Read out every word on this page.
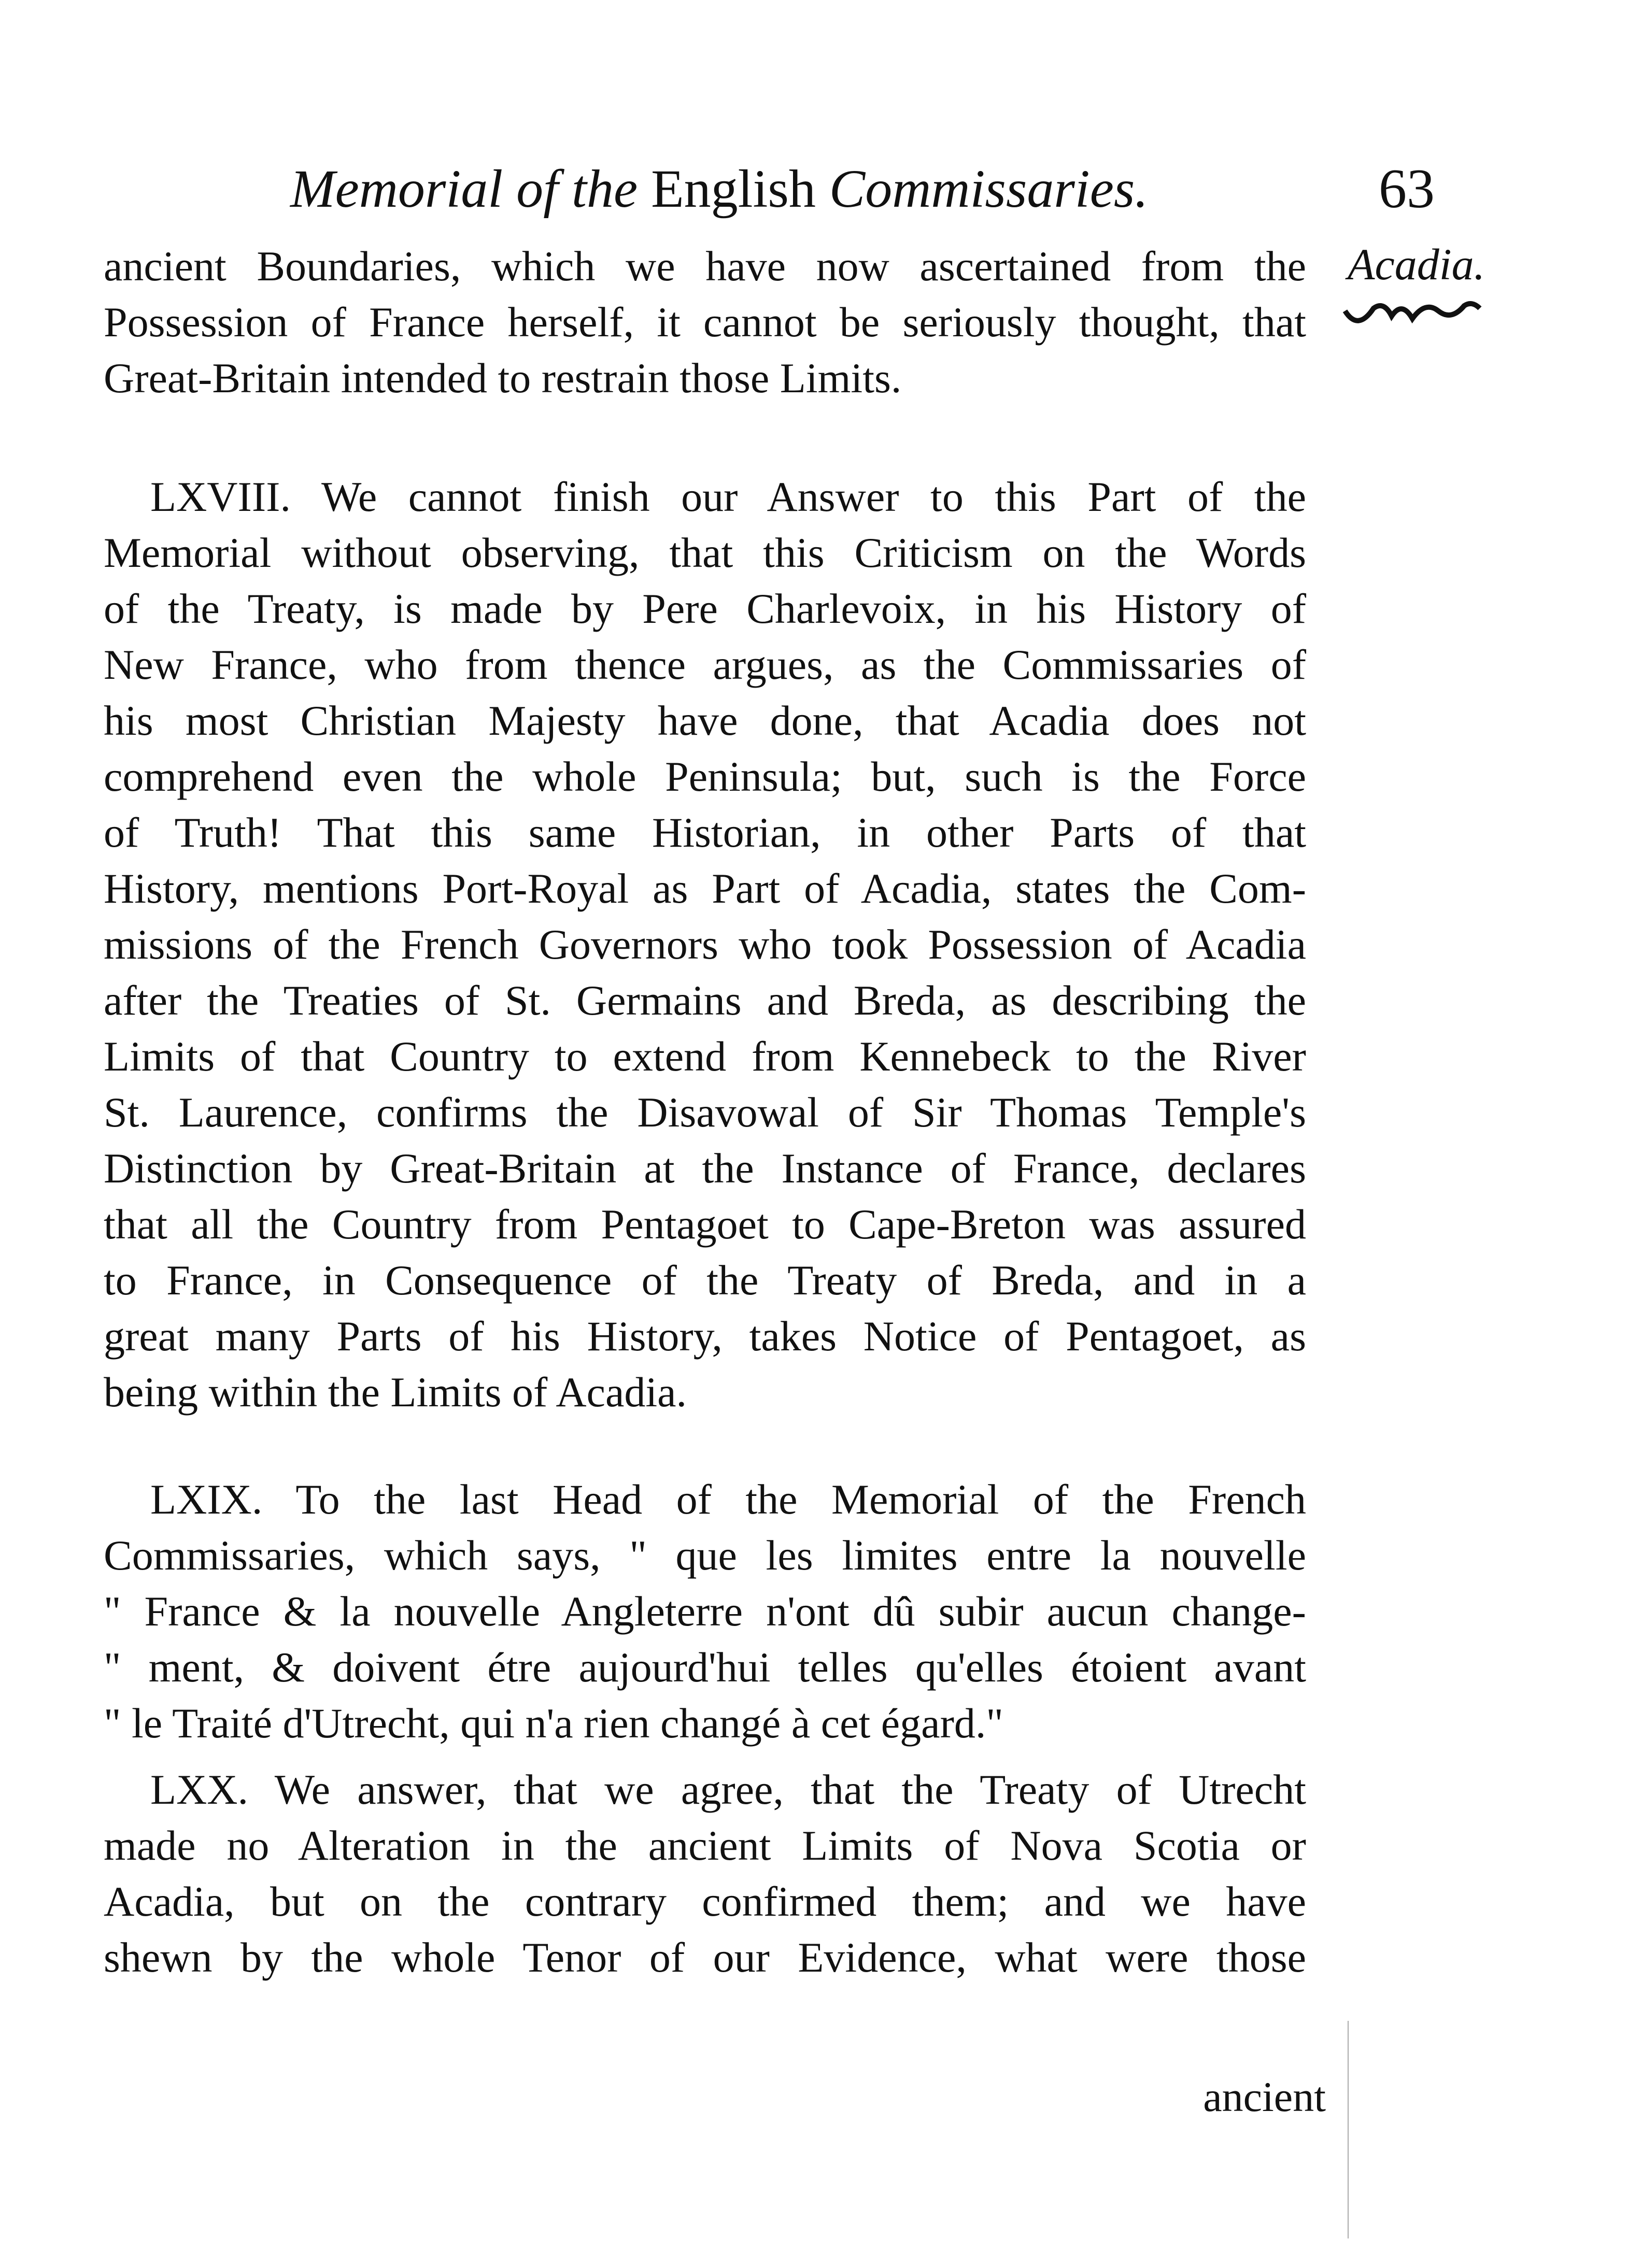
Memorial of the English Commissaries.	63
Acadia.
ancient Boundaries, which we have now ascertained from the
Possession of France herself, it cannot be seriously thought, that
Great-Britain intended to restrain those Limits.
LXVIII. We cannot finish our Answer to this Part of the
Memorial without observing, that this Criticism on the Words
of the Treaty, is made by Pere Charlevoix, in his History of
New France, who from thence argues, as the Commissaries of
his most Christian Majesty have done, that Acadia does not
comprehend even the whole Peninsula; but, such is the Force
of Truth! That this same Historian, in other Parts of that
History, mentions Port-Royal as Part of Acadia, states the Com-
missions of the French Governors who took Possession of Acadia
after the Treaties of St. Germains and Breda, as describing the
Limits of that Country to extend from Kennebeck to the River
St. Laurence, confirms the Disavowal of Sir Thomas Temple's
Distinction by Great-Britain at the Instance of France, declares
that all the Country from Pentagoet to Cape-Breton was assured
to France, in Consequence of the Treaty of Breda, and in a
great many Parts of his History, takes Notice of Pentagoet, as
being within the Limits of Acadia.
LXIX. To the last Head of the Memorial of the French
Commissaries, which says, " que les limites entre la nouvelle
" France & la nouvelle Angleterre n'ont dû subir aucun change-
" ment, & doivent étre aujourd'hui telles qu'elles étoient avant
" le Traité d'Utrecht, qui n'a rien changé à cet égard."
LXX. We answer, that we agree, that the Treaty of Utrecht
made no Alteration in the ancient Limits of Nova Scotia or
Acadia, but on the contrary confirmed them; and we have
shewn by the whole Tenor of our Evidence, what were those
ancient
